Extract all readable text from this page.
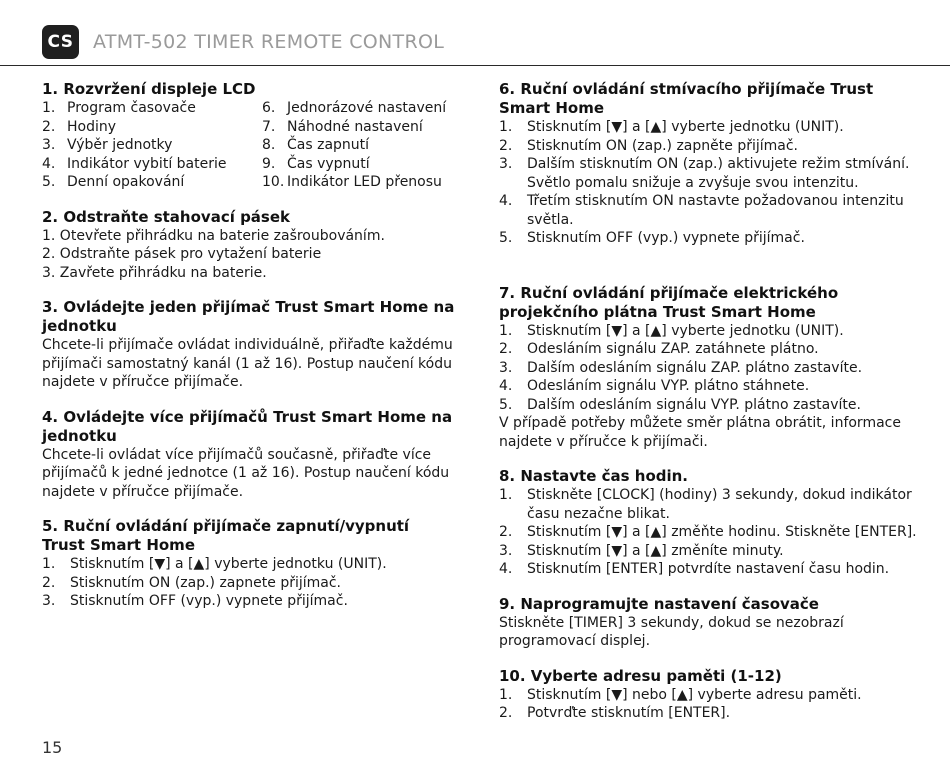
CS ATMT-502 TIMER REMOTE CONTROL
1. Rozvržení displeje LCD
1. Program časovače
2. Hodiny
3. Výběr jednotky
4. Indikátor vybití baterie
5. Denní opakování
6. Jednorázové nastavení
7. Náhodné nastavení
8. Čas zapnutí
9. Čas vypnutí
10. Indikátor LED přenosu
2. Odstraňte stahovací pásek

1. Otevřete přihrádku na baterie zašroubováním.

2. Odstraňte pásek pro vytažení baterie

3. Zavřete přihrádku na baterie.

3. Ovládejte jeden přijímač Trust Smart Home na jednotku

Chcete-li přijímače ovládat individuálně, přiřaďte každému přijímači samostatný kanál (1 až 16). Postup naučení kódu najdete v příručce přijímače.

4. Ovládejte více přijímačů Trust Smart Home na jednotku

Chcete-li ovládat více přijímačů současně, přiřaďte více přijímačů k jedné jednotce (1 až 16). Postup naučení kódu najdete v příručce přijímače.

5. Ruční ovládání přijímače zapnutí/vypnutí Trust Smart Home
1. Stisknutím [▼] a [▲] vyberte jednotku (UNIT).
2. Stisknutím ON (zap.) zapnete přijímač.
3. Stisknutím OFF (vyp.) vypnete přijímač.
6. Ruční ovládání stmívacího přijímače Trust Smart Home
1. Stisknutím [▼] a [▲] vyberte jednotku (UNIT).
2. Stisknutím ON (zap.) zapněte přijímač.
3. Dalším stisknutím ON (zap.) aktivujete režim stmívání. Světlo pomalu snižuje a zvyšuje svou intenzitu.
4. Třetím stisknutím ON nastavte požadovanou intenzitu světla.
5. Stisknutím OFF (vyp.) vypnete přijímač.
7. Ruční ovládání přijímače elektrického projekčního plátna Trust Smart Home
1. Stisknutím [▼] a [▲] vyberte jednotku (UNIT).
2. Odesláním signálu ZAP. zatáhnete plátno.
3. Dalším odesláním signálu ZAP. plátno zastavíte.
4. Odesláním signálu VYP. plátno stáhnete.
5. Dalším odesláním signálu VYP. plátno zastavíte.

V případě potřeby můžete směr plátna obrátit, informace najdete v příručce k přijímači.

8. Nastavte čas hodin.
1. Stiskněte [CLOCK] (hodiny) 3 sekundy, dokud indikátor času nezačne blikat.
2. Stisknutím [▼] a [▲] změňte hodinu. Stiskněte [ENTER].
3. Stisknutím [▼] a [▲] změníte minuty.
4. Stisknutím [ENTER] potvrdíte nastavení času hodin.
9. Naprogramujte nastavení časovače

Stiskněte [TIMER] 3 sekundy, dokud se nezobrazí programovací displej.

10. Vyberte adresu paměti (1-12)
1. Stisknutím [▼] nebo [▲] vyberte adresu paměti.
2. Potvrďte stisknutím [ENTER].
15
